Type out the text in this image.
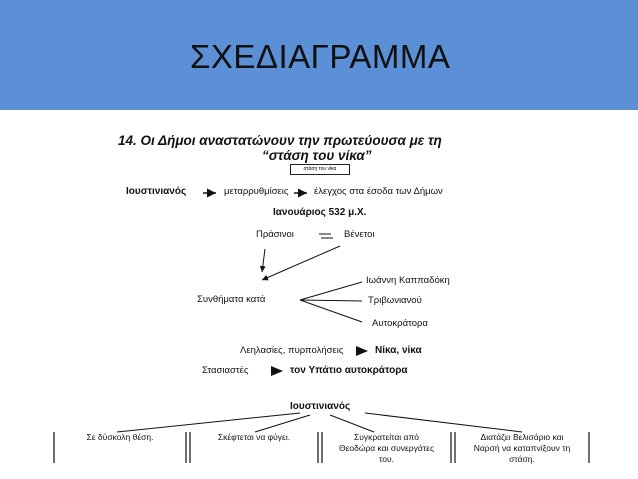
ΣΧΕΔΙΑΓΡΑΜΜΑ
14. Οι Δήμοι αναστατώνουν την πρωτεύουσα με τη
“στάση του νίκα”
στάση του νίκα
Ιουστινιανός	μεταρρυθμίσεις	έλεγχος στα έσοδα των Δήμων
Ιανουάριος 532 μ.Χ.
Πράσινοι	Βένετοι
Συνθήματα κατά
Ιωάννη Καππαδόκη
Τριβωνιανού
Αυτοκράτορα
Λεηλασίες, πυρπολήσεις	Νίκα, νίκα
Στασιαστές	τον Υπάτιο αυτοκράτορα
Ιουστινιανός
Σε δύσκολη θέση.	Σκέφτεται να φύγει.	Συγκρατείται από
Θεοδώρα και συνεργάτες
του.
Διατάζει Βελισάριο και
Ναρσή να καταπνίξουν τη
στάση.
